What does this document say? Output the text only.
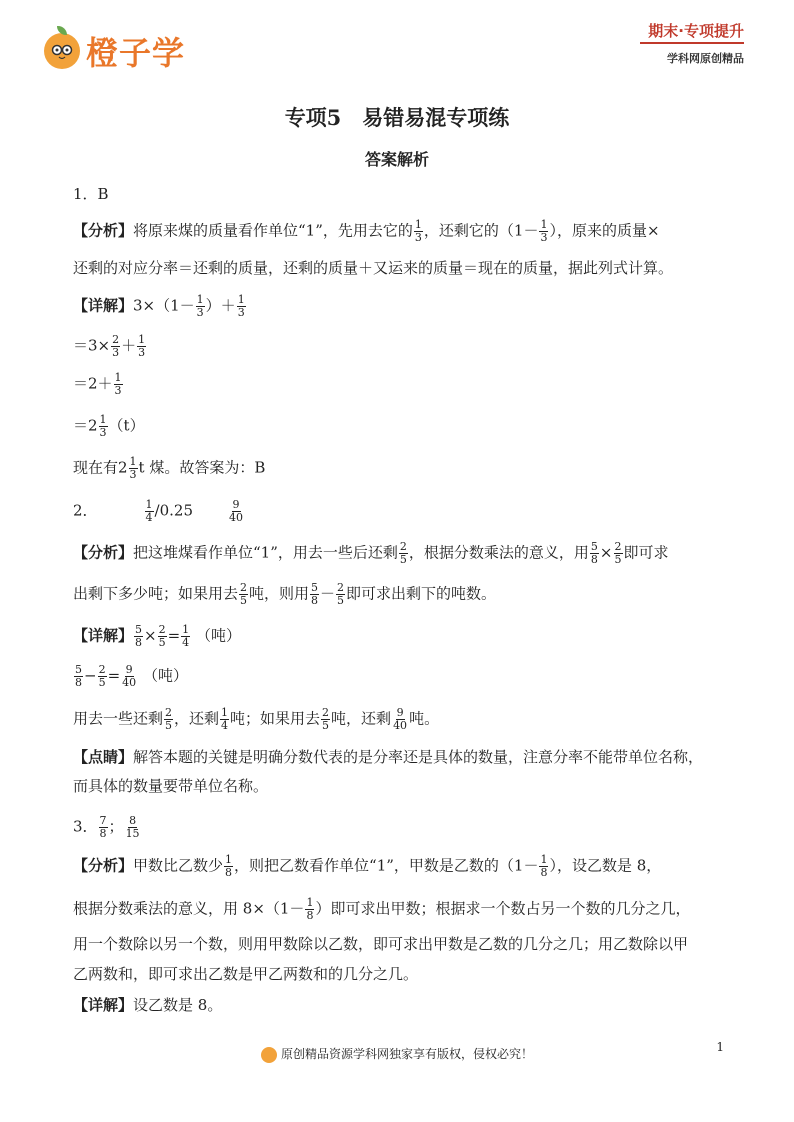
橙子学
期末·专项提升
学科网原创精品
专项5　易错易混专项练
答案解析
1．B
【分析】将原来煤的质量看作单位“1”，先用去它的 $\frac{1}{3}$ ，还剩它的（$1- \frac{1}{3}$ ），原来的质量×
还剩的对应分率＝还剩的质量，还剩的质量＋又运来的质量＝现在的质量，据此列式计算。
【详解】$3\times(1- \frac{1}{3}$ ）＋ $\frac{1}{3}$
$=3\times \frac{2}{3} + \frac{1}{3}$
$=2+ \frac{1}{3}$
$=2 \frac{1}{3} (t)$
现在有$2 \frac{1}{3}$ t 煤。故答案为：B
2．	$\frac{1}{4} /0.25$	$\frac{9}{40}$
【分析】把这堆煤看作单位“1”，用去一些后还剩 $\frac{2}{5}$ ，根据分数乘法的意义，用 $\frac{5}{8} \times \frac{2}{5}$ 即可求
出剩下多少吨；如果用去 $\frac{2}{5}$ 吨，则用 $\frac{5}{8} - \frac{2}{5}$ 即可求出剩下的吨数。
【详解】 $\frac{5}{8} \times \frac{2}{5} = \frac{1}{4}$ （吨）
$\frac{5}{8} - \frac{2}{5} = \frac{9}{40}$ （吨）
用去一些还剩 $\frac{2}{5}$ ，还剩 $\frac{1}{4}$ 吨；如果用去 $\frac{2}{5}$ 吨，还剩 $\frac{9}{40}$ 吨。
【点睛】解答本题的关键是明确分数代表的是分率还是具体的数量，注意分率不能带单位名称，
而具体的数量要带单位名称。
3． $\frac{7}{8}$ ； $\frac{8}{15}$
【分析】甲数比乙数少 $\frac{1}{8}$ ，则把乙数看作单位“1”，甲数是乙数的（$1- \frac{1}{8}$ ），设乙数是 8，
根据分数乘法的意义，用 $8\times(1- \frac{1}{8}$ ）即可求出甲数；根据求一个数占另一个数的几分之几，
用一个数除以另一个数，则用甲数除以乙数，即可求出甲数是乙数的几分之几；用乙数除以甲
乙两数和，即可求出乙数是甲乙两数和的几分之几。
【详解】设乙数是 8。
原创精品资源学科网独家享有版权，侵权必究！	1
